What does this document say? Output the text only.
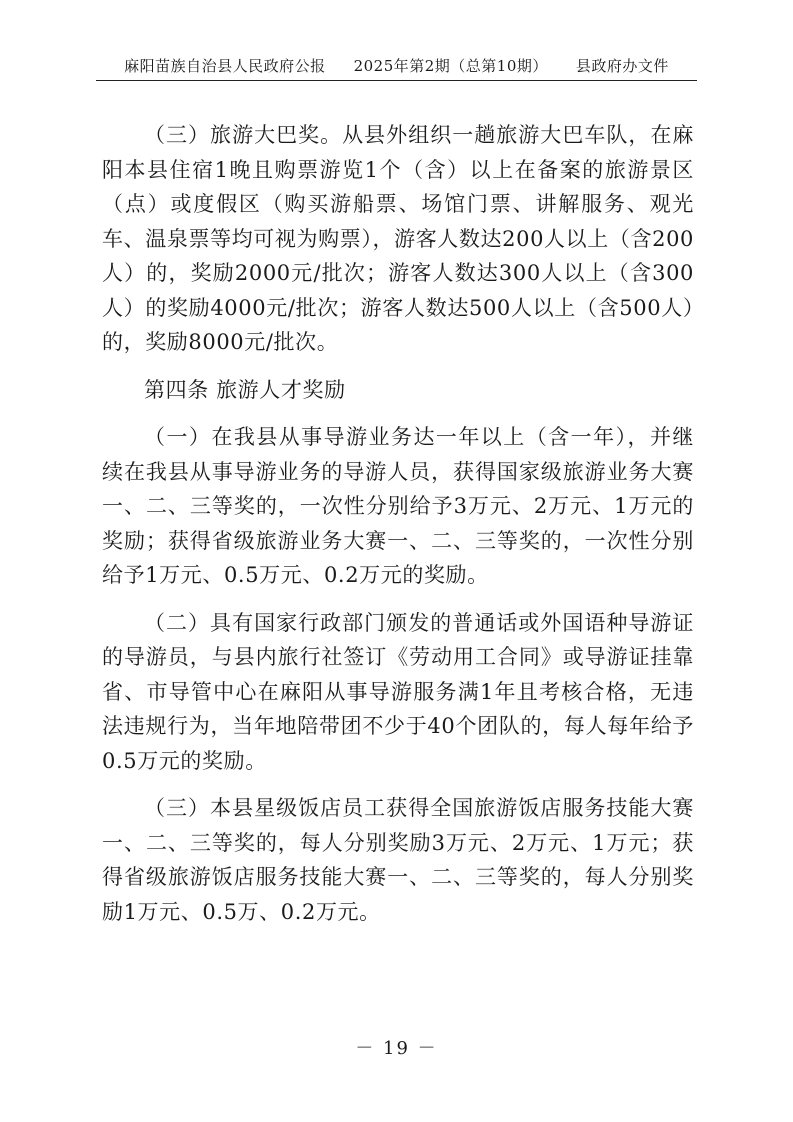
麻阳苗族自治县人民政府公报 2025年第2期（总第10期） 县政府办文件

（三）旅游大巴奖。从县外组织一趟旅游大巴车队，在麻阳本县住宿1晚且购票游览1个（含）以上在备案的旅游景区（点）或度假区（购买游船票、场馆门票、讲解服务、观光车、温泉票等均可视为购票），游客人数达200人以上（含200人）的，奖励2000元/批次；游客人数达300人以上（含300人）的奖励4000元/批次；游客人数达500人以上（含500人）的，奖励8000元/批次。

第四条 旅游人才奖励

（一）在我县从事导游业务达一年以上（含一年），并继续在我县从事导游业务的导游人员，获得国家级旅游业务大赛一、二、三等奖的，一次性分别给予3万元、2万元、1万元的奖励；获得省级旅游业务大赛一、二、三等奖的，一次性分别给予1万元、0.5万元、0.2万元的奖励。

（二）具有国家行政部门颁发的普通话或外国语种导游证的导游员，与县内旅行社签订《劳动用工合同》或导游证挂靠省、市导管中心在麻阳从事导游服务满1年且考核合格，无违法违规行为，当年地陪带团不少于40个团队的，每人每年给予0.5万元的奖励。

（三）本县星级饭店员工获得全国旅游饭店服务技能大赛一、二、三等奖的，每人分别奖励3万元、2万元、1万元；获得省级旅游饭店服务技能大赛一、二、三等奖的，每人分别奖励1万元、0.5万、0.2万元。

－ 19 －
